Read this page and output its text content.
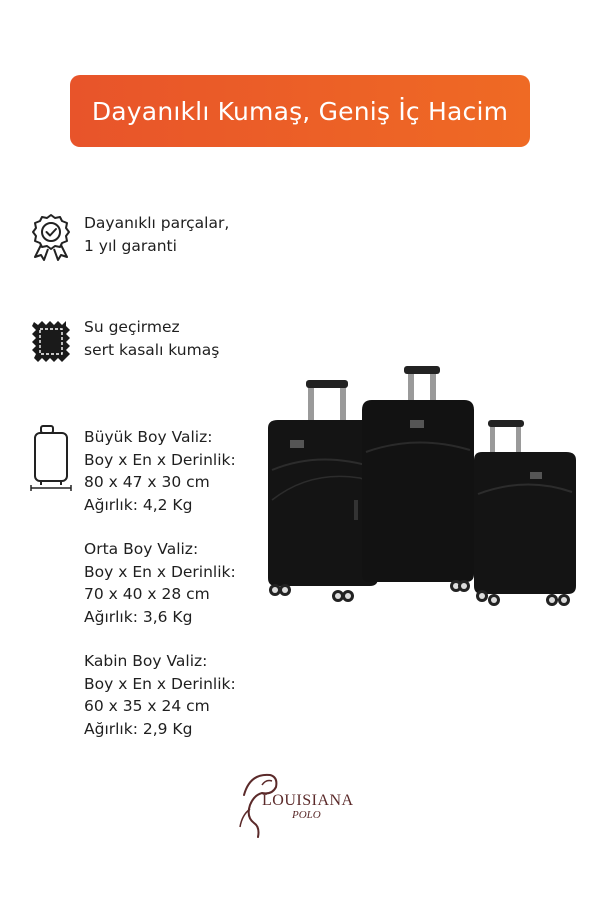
Dayanıklı Kumaş, Geniş İç Hacim
Dayanıklı parçalar,
1 yıl garanti
Su geçirmez
sert kasalı kumaş
Büyük Boy Valiz:
Boy x En x Derinlik:
80 x 47 x 30 cm
Ağırlık: 4,2 Kg
Orta Boy Valiz:
Boy x En x Derinlik:
70 x 40 x 28 cm
Ağırlık: 3,6 Kg
Kabin Boy Valiz:
Boy x En x Derinlik:
60 x 35 x 24 cm
Ağırlık: 2,9 Kg
LOUISIANA
POLO
